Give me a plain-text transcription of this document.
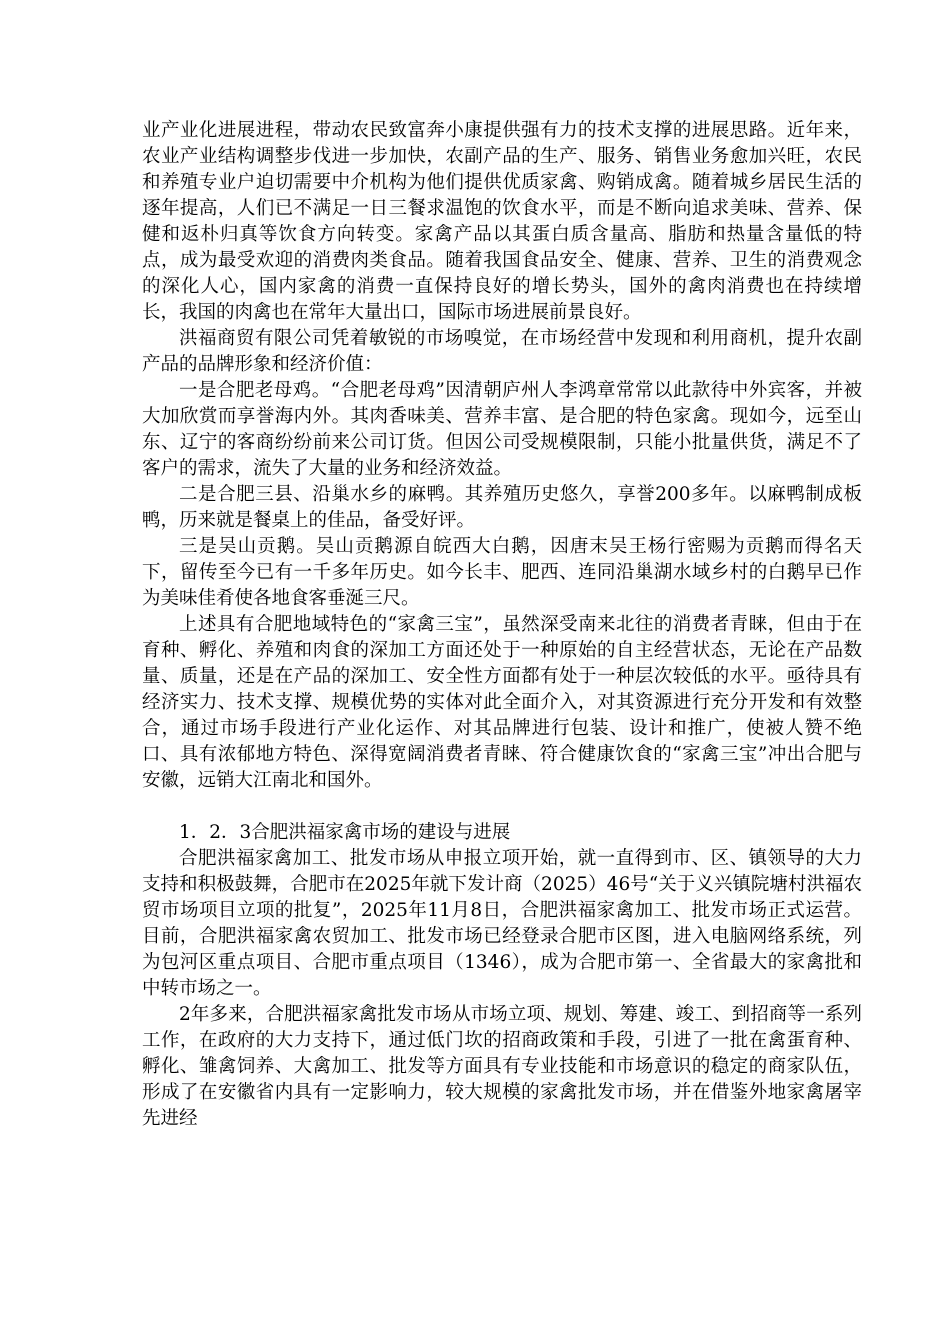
业产业化进展进程，带动农民致富奔小康提供强有力的技术支撑的进展思路。近年来，农业产业结构调整步伐进一步加快，农副产品的生产、服务、销售业务愈加兴旺，农民和养殖专业户迫切需要中介机构为他们提供优质家禽、购销成禽。随着城乡居民生活的逐年提高，人们已不满足一日三餐求温饱的饮食水平，而是不断向追求美味、营养、保健和返朴归真等饮食方向转变。家禽产品以其蛋白质含量高、脂肪和热量含量低的特点，成为最受欢迎的消费肉类食品。随着我国食品安全、健康、营养、卫生的消费观念的深化人心，国内家禽的消费一直保持良好的增长势头，国外的禽肉消费也在持续增长，我国的肉禽也在常年大量出口，国际市场进展前景良好。

洪福商贸有限公司凭着敏锐的市场嗅觉，在市场经营中发现和利用商机，提升农副产品的品牌形象和经济价值：

一是合肥老母鸡。“合肥老母鸡”因清朝庐州人李鸿章常常以此款待中外宾客，并被大加欣赏而享誉海内外。其肉香味美、营养丰富、是合肥的特色家禽。现如今，远至山东、辽宁的客商纷纷前来公司订货。但因公司受规模限制，只能小批量供货，满足不了客户的需求，流失了大量的业务和经济效益。

二是合肥三县、沿巢水乡的麻鸭。其养殖历史悠久，享誉200多年。以麻鸭制成板鸭，历来就是餐桌上的佳品，备受好评。

三是吴山贡鹅。吴山贡鹅源自皖西大白鹅，因唐末吴王杨行密赐为贡鹅而得名天下，留传至今已有一千多年历史。如今长丰、肥西、连同沿巢湖水域乡村的白鹅早已作为美味佳肴使各地食客垂涎三尺。

上述具有合肥地域特色的“家禽三宝”，虽然深受南来北往的消费者青睐，但由于在育种、孵化、养殖和肉食的深加工方面还处于一种原始的自主经营状态，无论在产品数量、质量，还是在产品的深加工、安全性方面都有处于一种层次较低的水平。亟待具有经济实力、技术支撑、规模优势的实体对此全面介入，对其资源进行充分开发和有效整合，通过市场手段进行产业化运作、对其品牌进行包装、设计和推广，使被人赞不绝口、具有浓郁地方特色、深得宽阔消费者青睐、符合健康饮食的“家禽三宝”冲出合肥与安徽，远销大江南北和国外。

1．2．3合肥洪福家禽市场的建设与进展

合肥洪福家禽加工、批发市场从申报立项开始，就一直得到市、区、镇领导的大力支持和积极鼓舞，合肥市在2025年就下发计商（2025）46号“关于义兴镇院塘村洪福农贸市场项目立项的批复”，2025年11月8日，合肥洪福家禽加工、批发市场正式运营。目前，合肥洪福家禽农贸加工、批发市场已经登录合肥市区图，进入电脑网络系统，列为包河区重点项目、合肥市重点项目（1346），成为合肥市第一、全省最大的家禽批和中转市场之一。

2年多来，合肥洪福家禽批发市场从市场立项、规划、筹建、竣工、到招商等一系列工作，在政府的大力支持下，通过低门坎的招商政策和手段，引进了一批在禽蛋育种、孵化、雏禽饲养、大禽加工、批发等方面具有专业技能和市场意识的稳定的商家队伍，形成了在安徽省内具有一定影响力，较大规模的家禽批发市场，并在借鉴外地家禽屠宰先进经
